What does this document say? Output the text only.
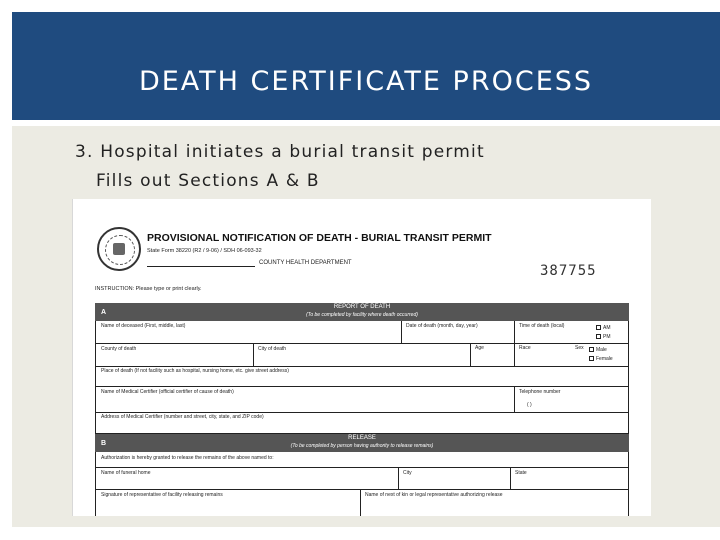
DEATH CERTIFICATE PROCESS
3. Hospital initiates a burial transit permit
Fills out Sections A & B
PROVISIONAL NOTIFICATION OF DEATH - BURIAL TRANSIT PERMIT
State Form 38220 (R2 / 9-06) / SDH 06-093-32
COUNTY HEALTH DEPARTMENT	387755
INSTRUCTION: Please type or print clearly.
A
REPORT OF DEATH
(To be completed by facility where death occurred)
Name of deceased (First, middle, last)	Date of death (month, day, year)	Time of death (local)	AM
PM
County of death	City of death	Age	Race	Sex	Male
Female
Place of death (If not facility such as hospital, nursing home, etc. give street address)
Name of Medical Certifier (official certifier of cause of death)	Telephone number
( )
Address of Medical Certifier (number and street, city, state, and ZIP code)
B
RELEASE
(To be completed by person having authority to release remains)
Authorization is hereby granted to release the remains of the above named to:
Name of funeral home	City	State
Signature of representative of facility releasing remains	Name of next of kin or legal representative authorizing release
